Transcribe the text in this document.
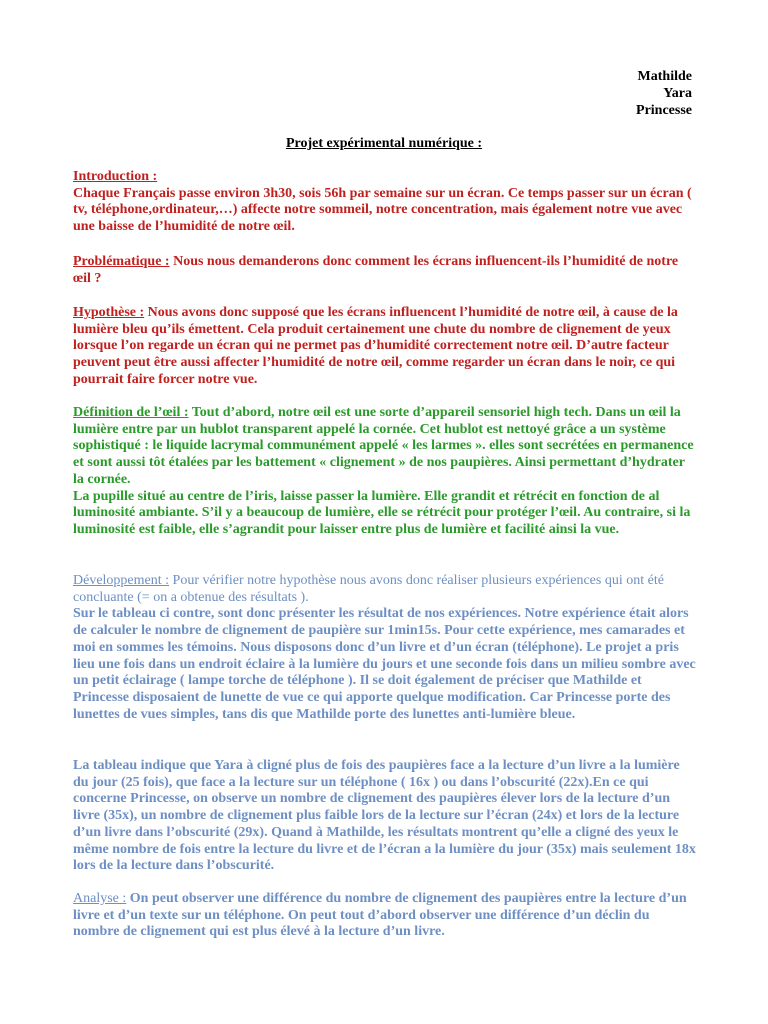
Mathilde
Yara
Princesse
Projet expérimental numérique :

Introduction :

Chaque Français passe environ 3h30, sois 56h par semaine sur un écran. Ce temps passer sur un écran ( tv, téléphone,ordinateur,…) affecte notre sommeil, notre concentration, mais également notre vue avec une baisse de l’humidité de notre œil.

Problématique : Nous nous demanderons donc comment les écrans influencent-ils l’humidité de notre œil ?

Hypothèse : Nous avons donc supposé que les écrans influencent l’humidité de notre œil, à cause de la lumière bleu qu’ils émettent. Cela produit certainement une chute du nombre de clignement de yeux lorsque l’on regarde un écran qui ne permet pas d’humidité correctement notre œil. D’autre facteur peuvent peut être aussi affecter l’humidité de notre œil, comme regarder un écran dans le noir, ce qui pourrait faire forcer notre vue.

Définition de l’œil : Tout d’abord, notre œil est une sorte d’appareil sensoriel high tech. Dans un œil la lumière entre par un hublot transparent appelé la cornée. Cet hublot est nettoyé grâce a un système sophistiqué : le liquide lacrymal communément appelé « les larmes ». elles sont secrétées en permanence et sont aussi tôt étalées par les battement « clignement » de nos paupières. Ainsi permettant d’hydrater la cornée.

La pupille situé au centre de l’iris, laisse passer la lumière. Elle grandit et rétrécit en fonction de al luminosité ambiante. S’il y a beaucoup de lumière, elle se rétrécit pour protéger l’œil. Au contraire, si la luminosité est faible, elle s’agrandit pour laisser entre plus de lumière et facilité ainsi la vue.

Développement : Pour vérifier notre hypothèse nous avons donc réaliser plusieurs expériences qui ont été concluante (= on a obtenue des résultats ).

Sur le tableau ci contre, sont donc présenter les résultat de nos expériences. Notre expérience était alors de calculer le nombre de clignement de paupière sur 1min15s. Pour cette expérience, mes camarades et moi en sommes les témoins. Nous disposons donc d’un livre et d’un écran (téléphone). Le projet a pris lieu une fois dans un endroit éclaire à la lumière du jours et une seconde fois dans un milieu sombre avec un petit éclairage ( lampe torche de téléphone ). Il se doit également de préciser que Mathilde et Princesse disposaient de lunette de vue ce qui apporte quelque modification. Car Princesse porte des lunettes de vues simples, tans dis que Mathilde porte des lunettes anti-lumière bleue.

La tableau indique que Yara à cligné plus de fois des paupières face a la lecture d’un livre a la lumière du jour (25 fois), que face a la lecture sur un téléphone ( 16x ) ou dans l’obscurité (22x).En ce qui concerne Princesse, on observe un nombre de clignement des paupières élever lors de la lecture d’un livre (35x), un nombre de clignement plus faible lors de la lecture sur l’écran (24x) et lors de la lecture d’un livre dans l’obscurité (29x). Quand à Mathilde, les résultats montrent qu’elle a cligné des yeux le même nombre de fois entre la lecture du livre et de l’écran a la lumière du jour (35x) mais seulement 18x lors de la lecture dans l’obscurité.

Analyse : On peut observer une différence du nombre de clignement des paupières entre la lecture d’un livre et d’un texte sur un téléphone. On peut tout d’abord observer une différence d’un déclin du nombre de clignement qui est plus élevé à la lecture d’un livre.
